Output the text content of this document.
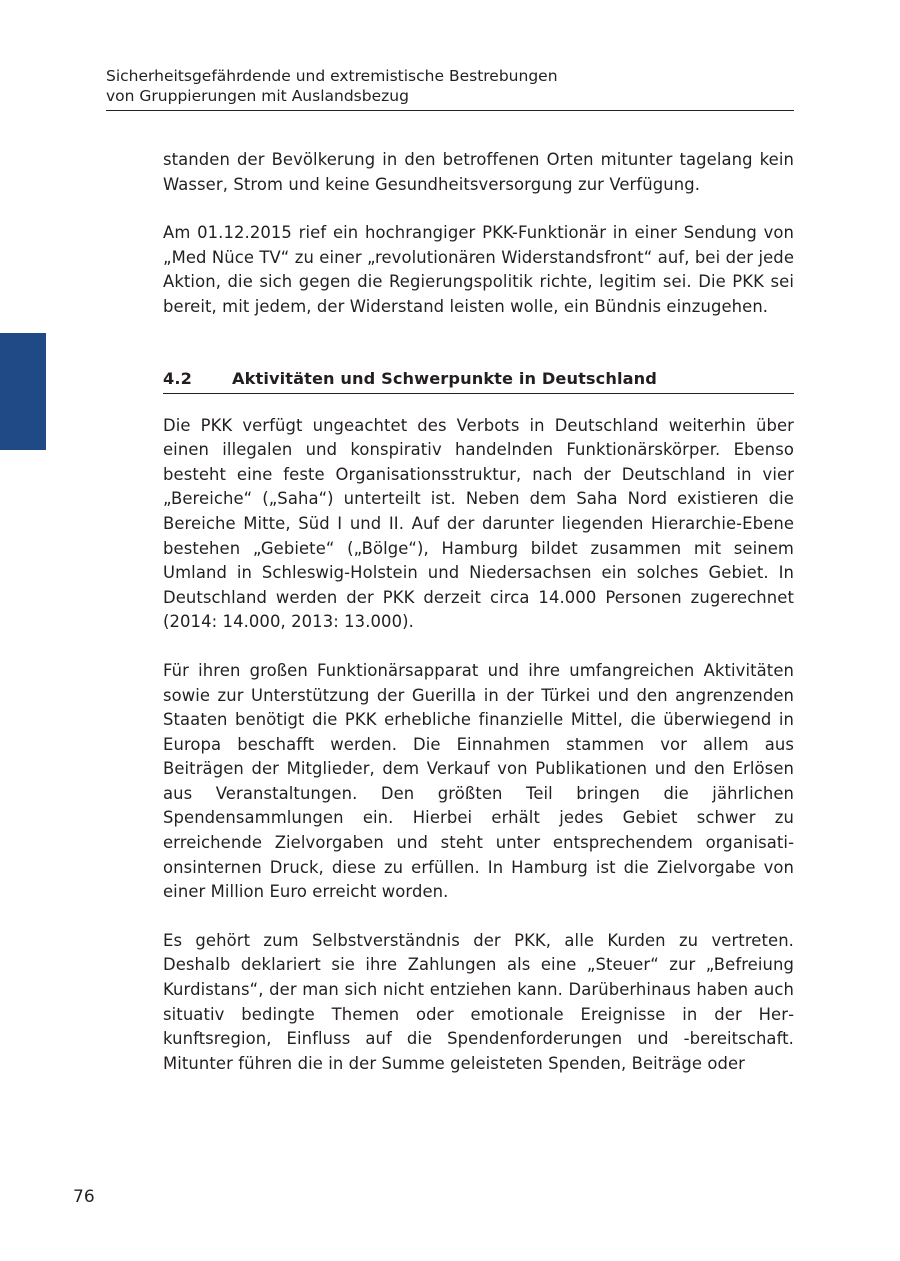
Sicherheitsgefährdende und extremistische Bestrebungen
von Gruppierungen mit Auslandsbezug

standen der Bevölkerung in den betroffenen Orten mitunter tagelang kein Wasser, Strom und keine Gesundheitsversorgung zur Verfügung.

Am 01.12.2015 rief ein hochrangiger PKK-Funktionär in einer Sendung von „Med Nüce TV“ zu einer „revolutionären Widerstandsfront“ auf, bei der jede Aktion, die sich gegen die Regierungspolitik richte, legitim sei. Die PKK sei bereit, mit jedem, der Widerstand leisten wolle, ein Bündnis einzugehen.

4.2	Aktivitäten und Schwerpunkte in Deutschland

Die PKK verfügt ungeachtet des Verbots in Deutschland weiterhin über einen illegalen und konspirativ handelnden Funktionärskörper. Ebenso besteht eine feste Organisationsstruktur, nach der Deutschland in vier „Bereiche“ („Saha“) unterteilt ist. Neben dem Saha Nord existieren die Bereiche Mitte, Süd I und II. Auf der darunter liegenden Hierarchie-Ebene bestehen „Gebiete“ („Bölge“), Hamburg bildet zusammen mit seinem Umland in Schleswig-Holstein und Niedersachsen ein solches Gebiet. In Deutschland werden der PKK derzeit circa 14.000 Personen zugerechnet (2014: 14.000, 2013: 13.000).

Für ihren großen Funktionärsapparat und ihre umfangreichen Aktivitäten sowie zur Unterstützung der Guerilla in der Türkei und den angrenzenden Staaten benötigt die PKK erhebliche finanzielle Mittel, die überwiegend in Europa beschafft werden. Die Einnahmen stammen vor allem aus Beiträgen der Mitglieder, dem Verkauf von Publikationen und den Erlösen aus Veranstaltungen. Den größten Teil bringen die jährlichen Spendensammlungen ein. Hierbei erhält jedes Gebiet schwer zu erreichende Zielvorgaben und steht unter entsprechendem organisationsinternen Druck, diese zu erfüllen. In Hamburg ist die Zielvorgabe von einer Million Euro erreicht worden.

Es gehört zum Selbstverständnis der PKK, alle Kurden zu vertreten. Deshalb deklariert sie ihre Zahlungen als eine „Steuer“ zur „Befreiung Kurdistans“, der man sich nicht entziehen kann. Darüberhinaus haben auch situativ bedingte Themen oder emotionale Ereignisse in der Herkunftsregion, Einfluss auf die Spendenforderungen und -bereitschaft. Mitunter führen die in der Summe geleisteten Spenden, Beiträge oder

76
